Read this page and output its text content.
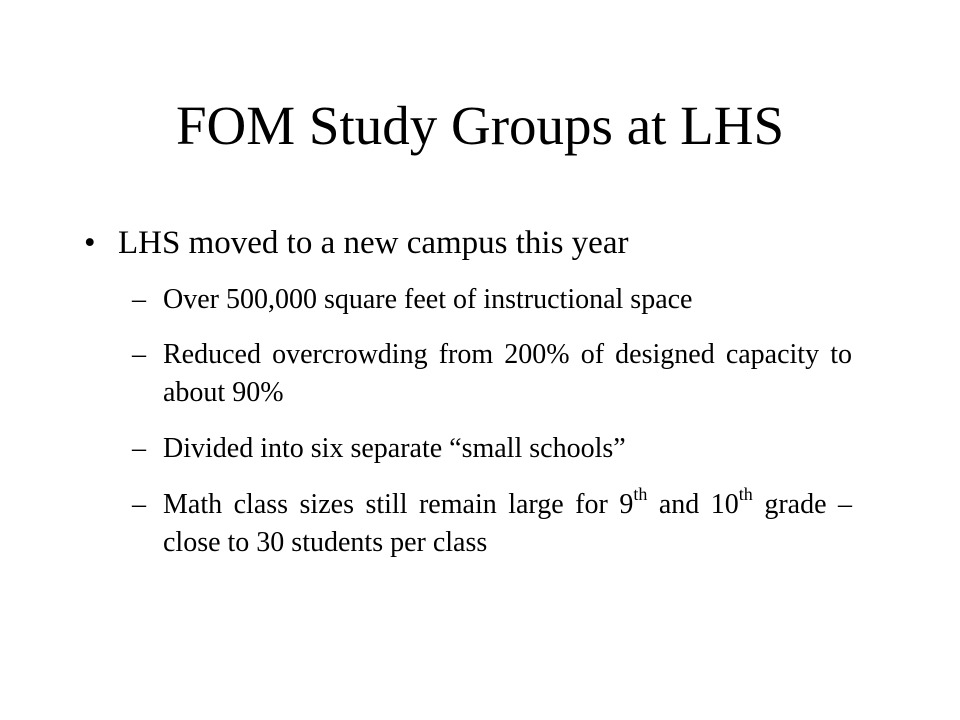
FOM Study Groups at LHS
• LHS moved to a new campus this year
– Over 500,000 square feet of instructional space
– Reduced overcrowding from 200% of designed capacity to about 90%
– Divided into six separate “small schools”
– Math class sizes still remain large for 9th and 10th grade – close to 30 students per class
